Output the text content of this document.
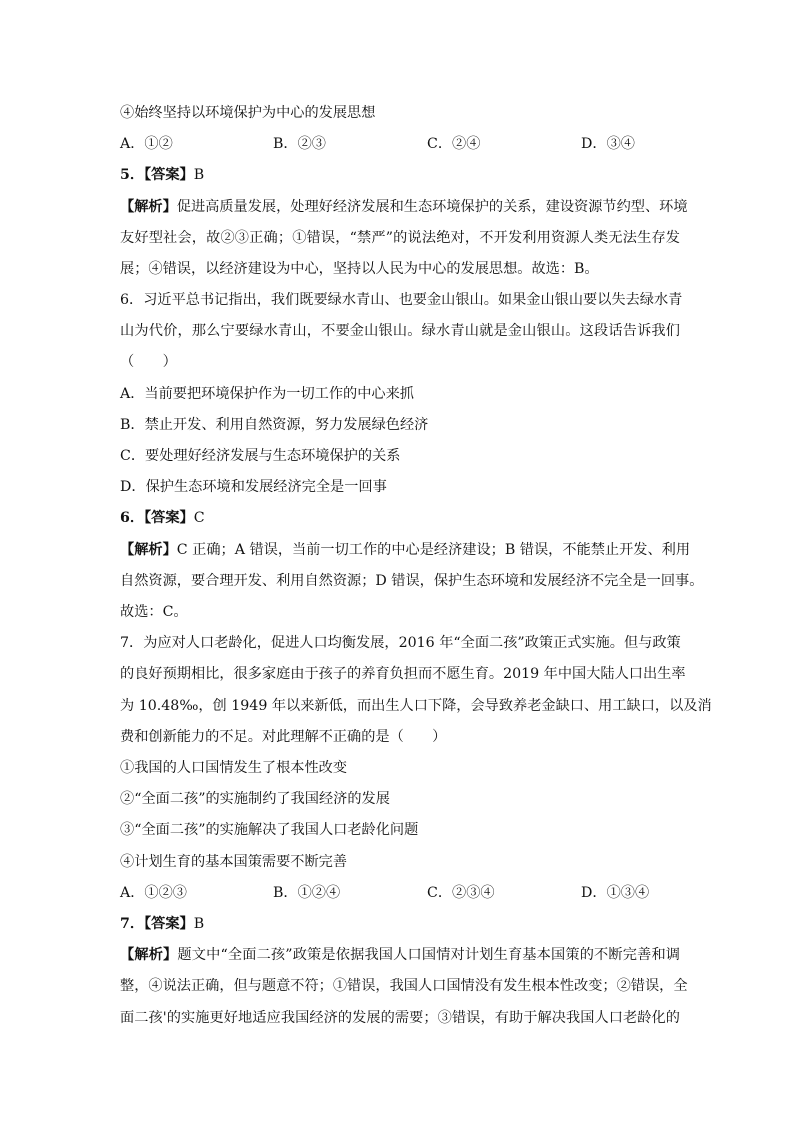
④始终坚持以环境保护为中心的发展思想
A．①②	B．②③	C．②④	D．③④
5．【答案】B
【解析】促进高质量发展，处理好经济发展和生态环境保护的关系，建设资源节约型、环境
友好型社会，故②③正确；①错误，“禁严”的说法绝对，不开发利用资源人类无法生存发
展；④错误，以经济建设为中心，坚持以人民为中心的发展思想。故选：B。
6．习近平总书记指出，我们既要绿水青山、也要金山银山。如果金山银山要以失去绿水青
山为代价，那么宁要绿水青山，不要金山银山。绿水青山就是金山银山。这段话告诉我们
（　　）
A．当前要把环境保护作为一切工作的中心来抓
B．禁止开发、利用自然资源，努力发展绿色经济
C．要处理好经济发展与生态环境保护的关系
D．保护生态环境和发展经济完全是一回事
6．【答案】C
【解析】C 正确；A 错误，当前一切工作的中心是经济建设；B 错误，不能禁止开发、利用
自然资源，要合理开发、利用自然资源；D 错误，保护生态环境和发展经济不完全是一回事。
故选：C。
7．为应对人口老龄化，促进人口均衡发展，2016 年“全面二孩”政策正式实施。但与政策
的良好预期相比，很多家庭由于孩子的养育负担而不愿生育。2019 年中国大陆人口出生率
为 10.48‰，创 1949 年以来新低，而出生人口下降，会导致养老金缺口、用工缺口，以及消
费和创新能力的不足。对此理解不正确的是（　　）
①我国的人口国情发生了根本性改变
②“全面二孩”的实施制约了我国经济的发展
③“全面二孩”的实施解决了我国人口老龄化问题
④计划生育的基本国策需要不断完善
A．①②③	B．①②④	C．②③④	D．①③④
7．【答案】B
【解析】题文中“全面二孩”政策是依据我国人口国情对计划生育基本国策的不断完善和调
整，④说法正确，但与题意不符；①错误，我国人口国情没有发生根本性改变；②错误，全
面二孩'的实施更好地适应我国经济的发展的需要；③错误，有助于解决我国人口老龄化的
